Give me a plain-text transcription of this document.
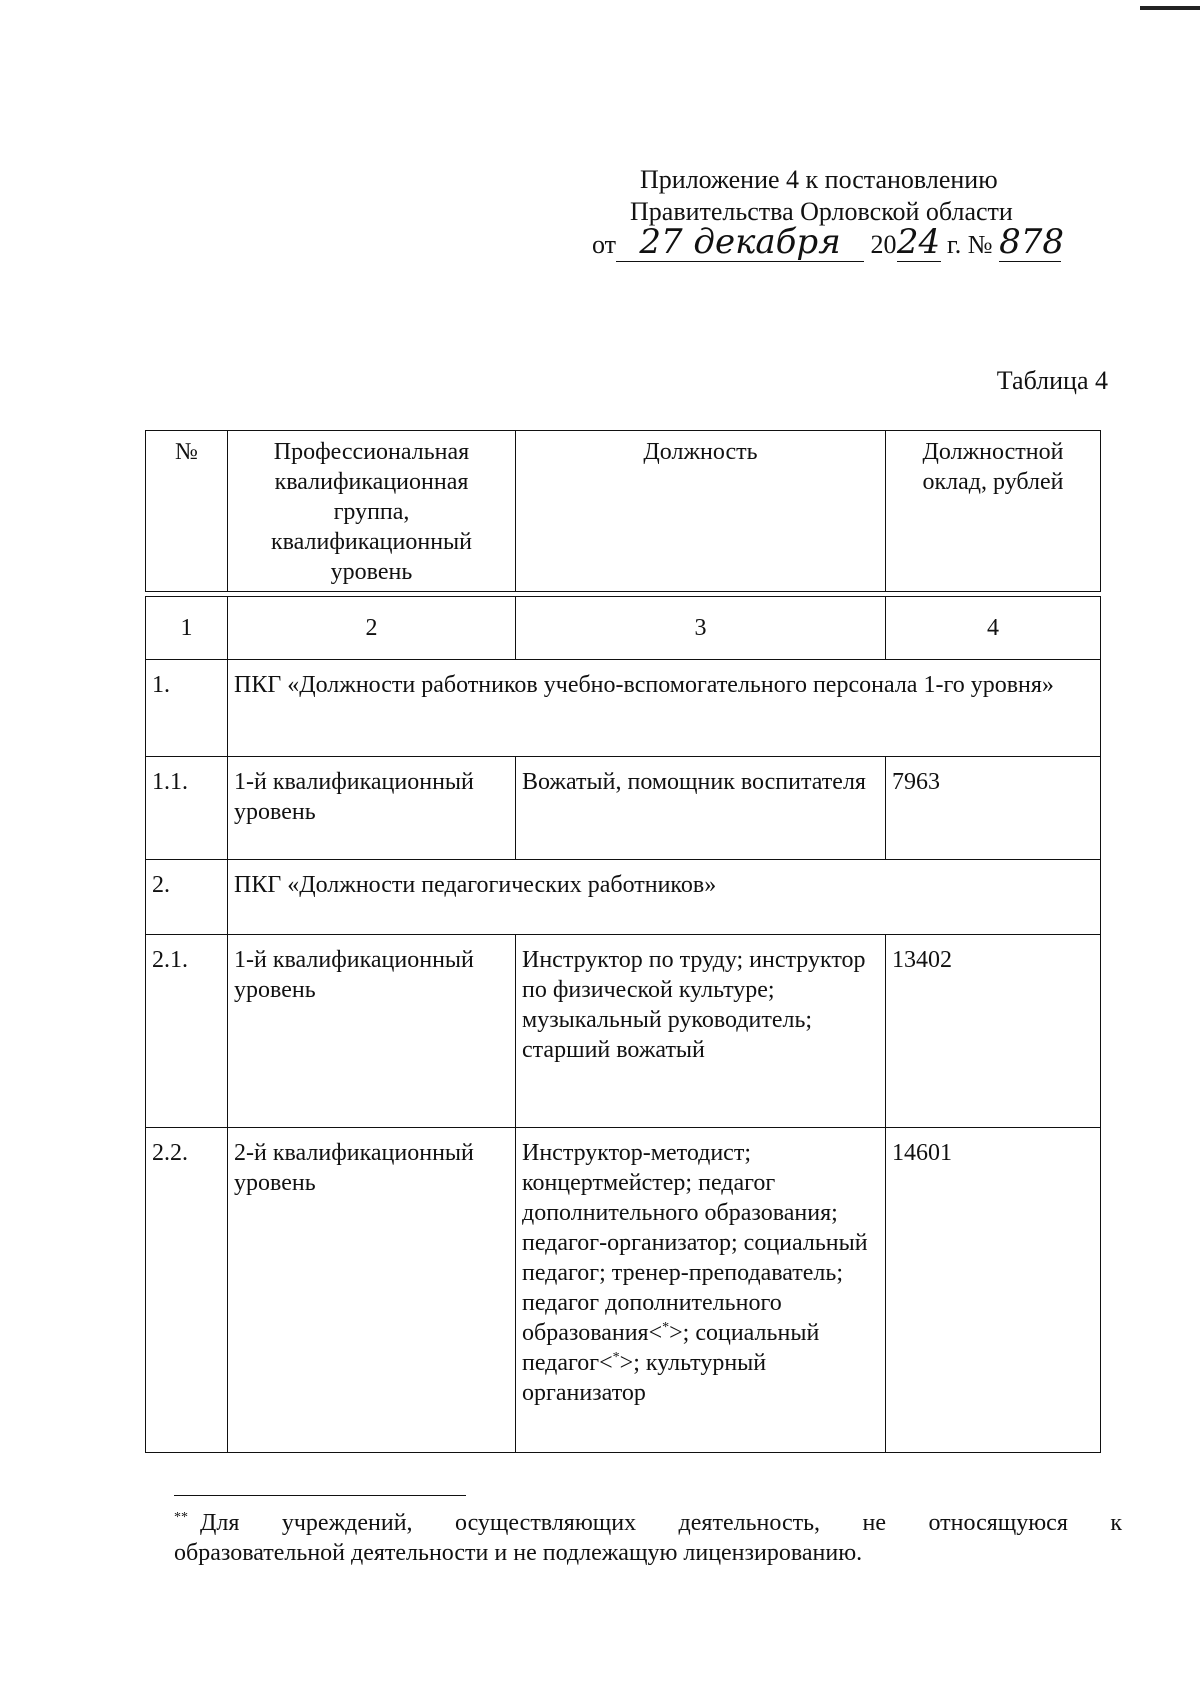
Приложение 4 к постановлению
Правительства Орловской области
от 27 декабря 2024 г. № 878
Таблица 4
№	Профессиональная квалификационная группа, квалификационный уровень	Должность	Должностной оклад, рублей

1	2	3	4
1.	ПКГ «Должности работников учебно-вспомогательного персонала 1-го уровня»		
1.1.	1-й квалификационный уровень	Вожатый, помощник воспитателя	7963
2.	ПКГ «Должности педагогических работников»		
2.1.	1-й квалификационный уровень	Инструктор по труду; инструктор по физической культуре; музыкальный руководитель; старший вожатый	13402
2.2.	2-й квалификационный уровень	Инструктор-методист; концертмейстер; педагог дополнительного образования; педагог-организатор; социальный педагог; тренер-преподаватель; педагог дополнительного образования<*>; социальный педагог<*>; культурный организатор	14601
** Для учреждений, осуществляющих деятельность, не относящуюся к
образовательной деятельности и не подлежащую лицензированию.
